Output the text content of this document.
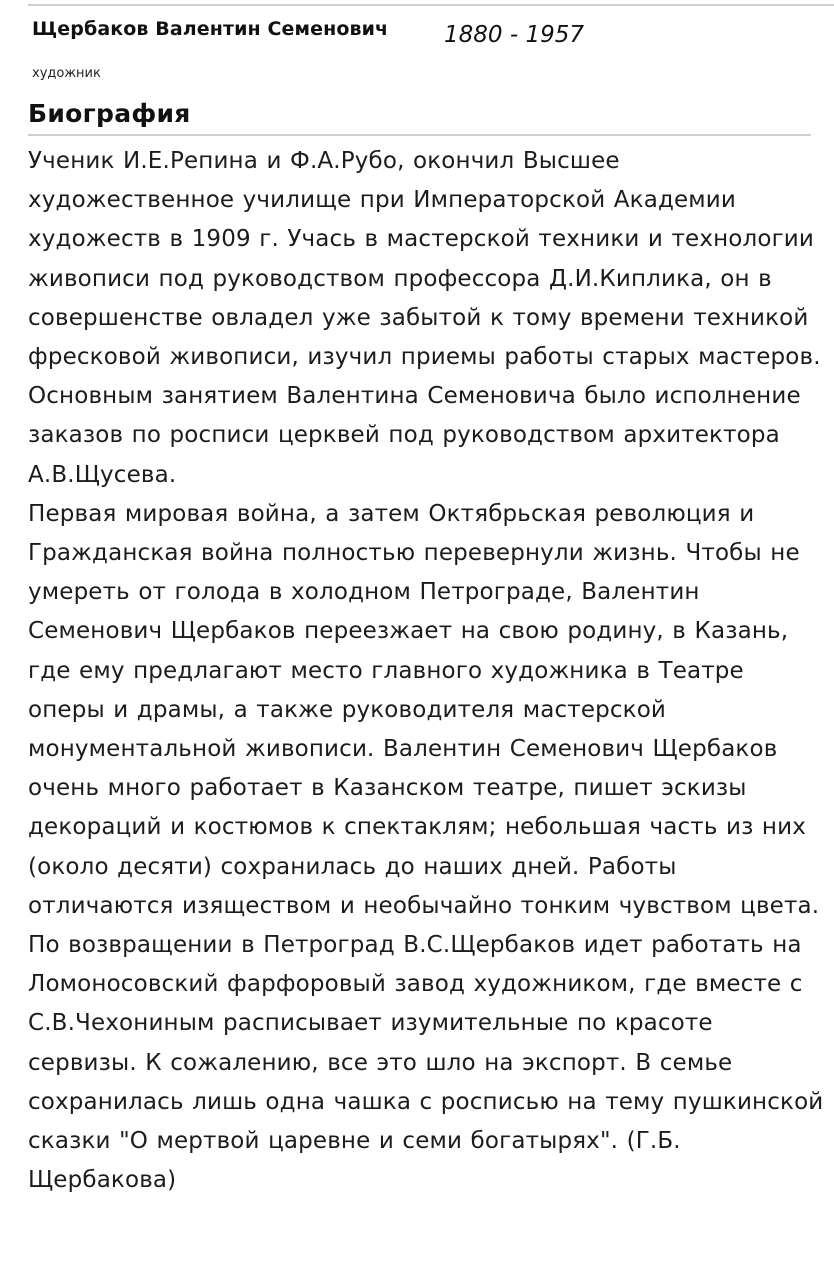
Щербаков Валентин Семенович 1880 - 1957
художник
Биография

Ученик И.Е.Репина и Ф.А.Рубо, окончил Высшее художественное училище при Императорской Академии художеств в 1909 г. Учась в мастерской техники и технологии живописи под руководством профессора Д.И.Киплика, он в совершенстве овладел уже забытой к тому времени техникой фресковой живописи, изучил приемы работы старых мастеров. Основным занятием Валентина Семеновича было исполнение заказов по росписи церквей под руководством архитектора А.В.Щусева.

Первая мировая война, а затем Октябрьская революция и Гражданская война полностью перевернули жизнь. Чтобы не умереть от голода в холодном Петрограде, Валентин Семенович Щербаков переезжает на свою родину, в Казань, где ему предлагают место главного художника в Театре оперы и драмы, а также руководителя мастерской монументальной живописи. Валентин Семенович Щербаков очень много работает в Казанском театре, пишет эскизы декораций и костюмов к спектаклям; небольшая часть из них (около десяти) сохранилась до наших дней. Работы отличаются изяществом и необычайно тонким чувством цвета. По возвращении в Петроград В.С.Щербаков идет работать на Ломоносовский фарфоровый завод художником, где вместе с С.В.Чехониным расписывает изумительные по красоте сервизы. К сожалению, все это шло на экспорт. В семье сохранилась лишь одна чашка с росписью на тему пушкинской сказки "О мертвой царевне и семи богатырях". (Г.Б. Щербакова)
